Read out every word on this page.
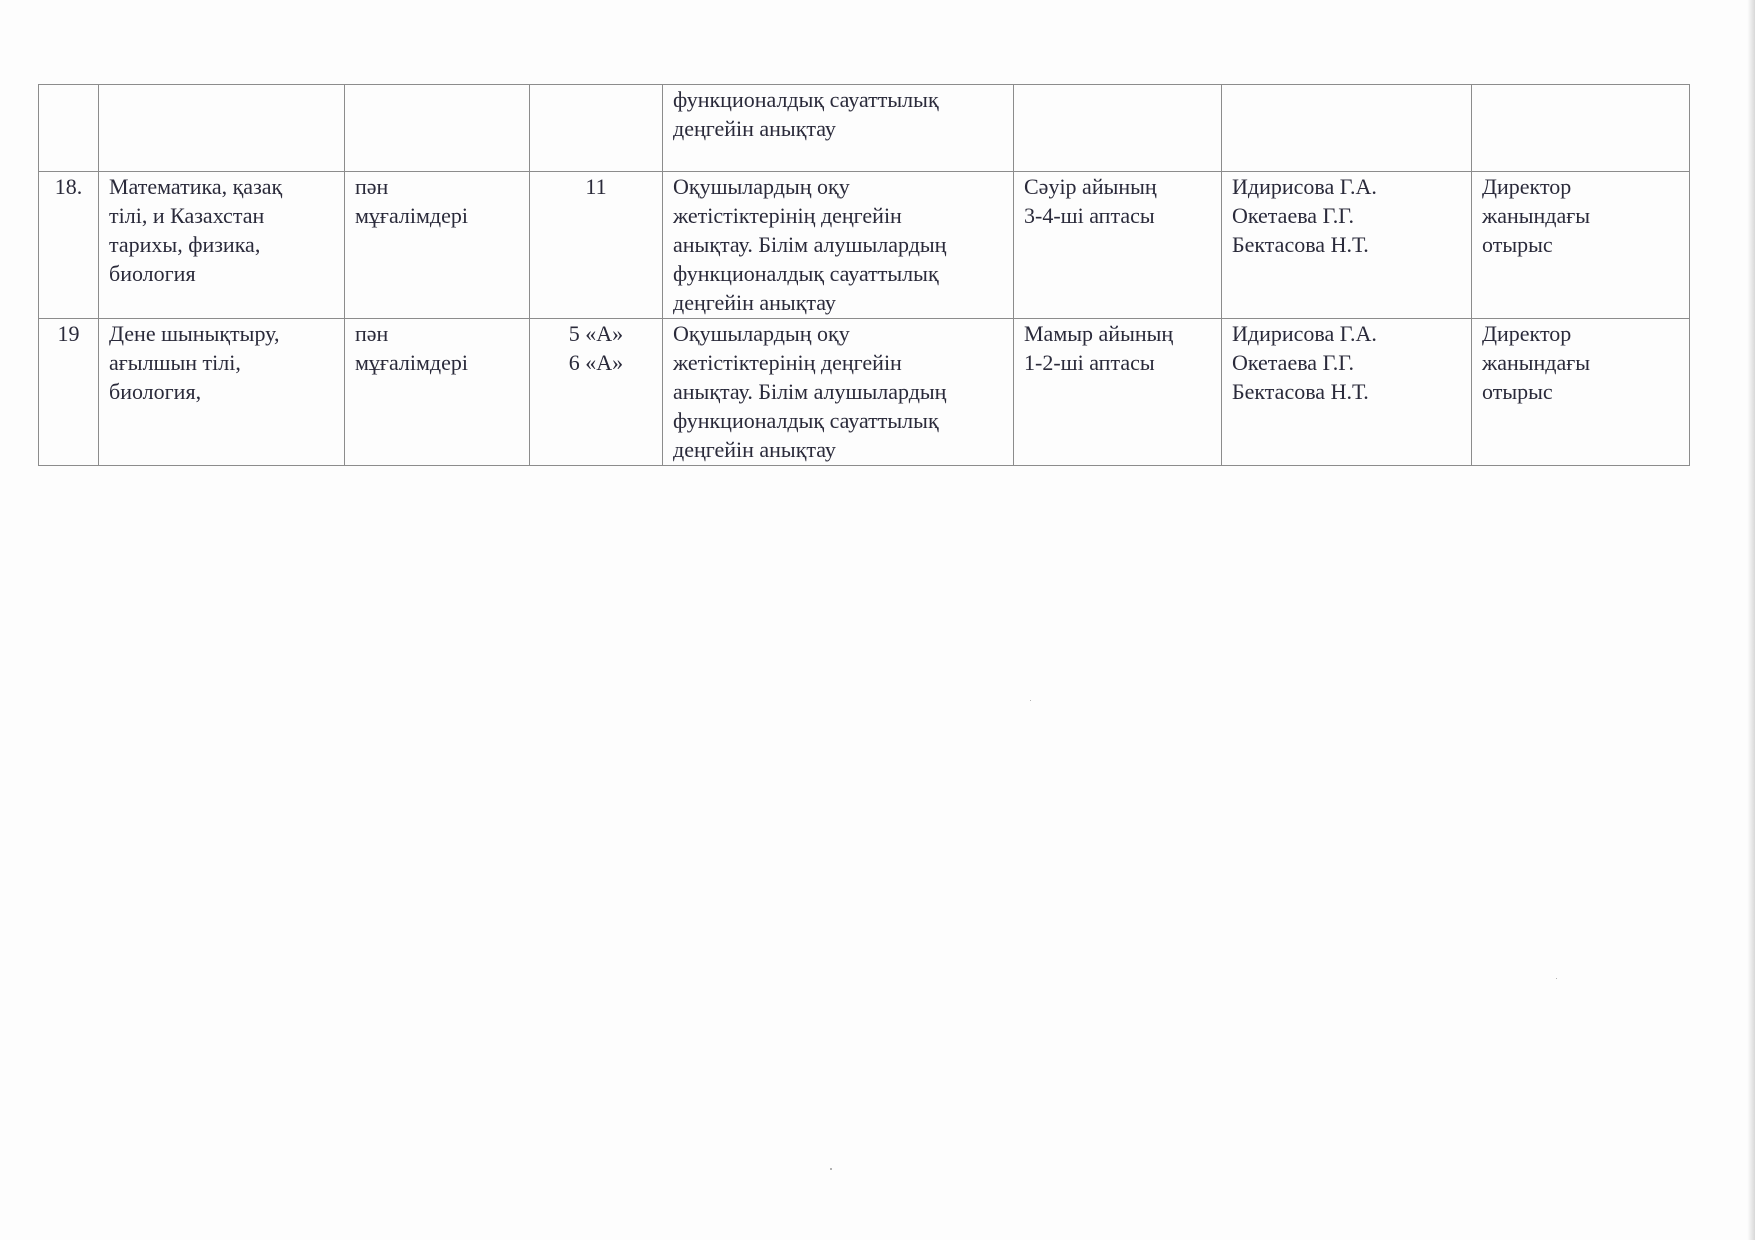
				функционалдық сауаттылық
деңгейін анықтау			

18.	Математика, қазақ
тілі, и Казахстан
тарихы, физика,
биология	пән
мұғалімдері	11	Оқушылардың оқу
жетістіктерінің деңгейін
анықтау. Білім алушылардың
функционалдық сауаттылық
деңгейін анықтау	Сәуір айының
3-4-ші аптасы	Идирисова Г.А.
Окетаева Г.Г.
Бектасова Н.Т.	Директор
жанындағы
отырыс

19	Дене шынықтыру,
ағылшын тілі,
биология,	пән
мұғалімдері	5 «А»
6 «А»	Оқушылардың оқу
жетістіктерінің деңгейін
анықтау. Білім алушылардың
функционалдық сауаттылық
деңгейін анықтау	Мамыр айының
1-2-ші аптасы	Идирисова Г.А.
Окетаева Г.Г.
Бектасова Н.Т.	Директор
жанындағы
отырыс
